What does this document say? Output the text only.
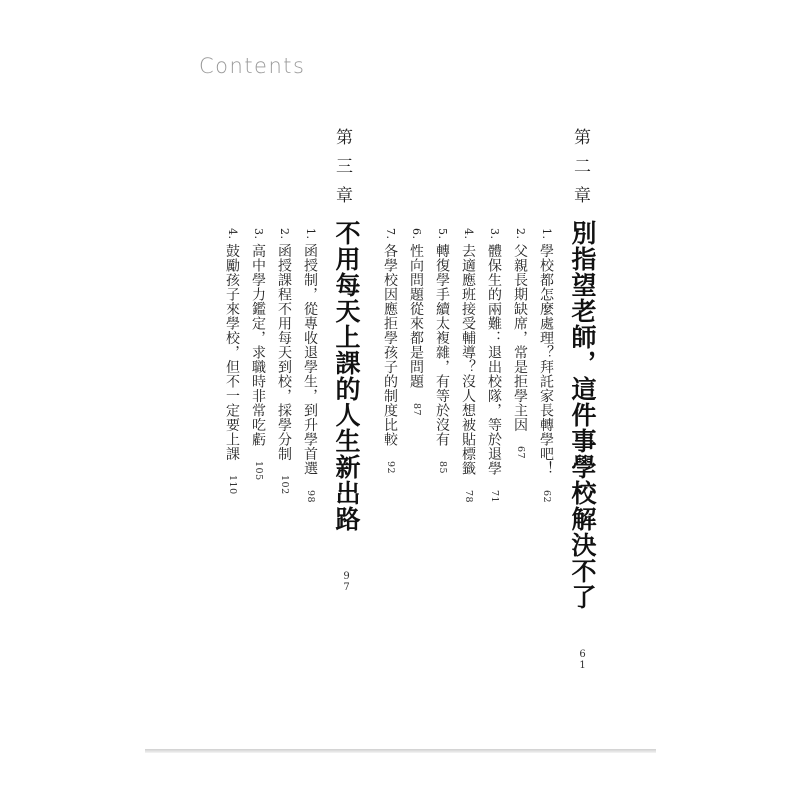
Contents
第二章
別指望老師，這件事學校解決不了 61
1.學校都怎麼處理？拜託家長轉學吧！62
2.父親長期缺席，常是拒學主因67
3.體保生的兩難：退出校隊，等於退學71
4.去適應班接受輔導？沒人想被貼標籤78
5.轉復學手續太複雜，有等於沒有85
6.性向問題從來都是問題87
7.各學校因應拒學孩子的制度比較92
第三章
不用每天上課的人生新出路 97
1.函授制，從專收退學生，到升學首選98
2.函授課程不用每天到校，採學分制102
3.高中學力鑑定，求職時非常吃虧105
4.鼓勵孩子來學校，但不一定要上課110
